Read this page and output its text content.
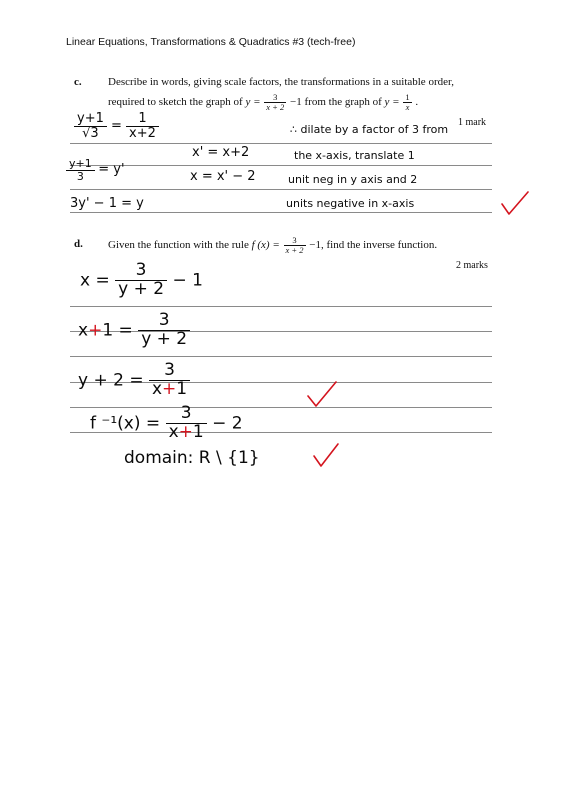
Linear Equations, Transformations & Quadratics #3 (tech-free)
c. Describe in words, giving scale factors, the transformations in a suitable order,
required to sketch the graph of $y = \frac{3}{x + 2} -1$ from the graph of $y = \frac{1}{x}$ .
1 mark
$\frac{y+1}{√3} = \frac{1}{x+2}$
$\frac{y+1}{3} = y'$
3y' − 1 = y
x' = x+2
x = x' − 2
∴ dilate by a factor of 3 from
the x-axis, translate 1
unit neg in y axis and 2
units negative in x-axis
d. Given the function with the rule f $(x) = \frac{3}{x + 2} -1$, find the inverse function.
2 marks
$x = \frac{3}{y + 2} - 1$
$x+1 = \frac{3}{y + 2}$
$y + 2 = \frac{3}{x+1}$
f $^{-1}(x) = \frac{3}{x+1} - 2$
domain: R \ {1}
